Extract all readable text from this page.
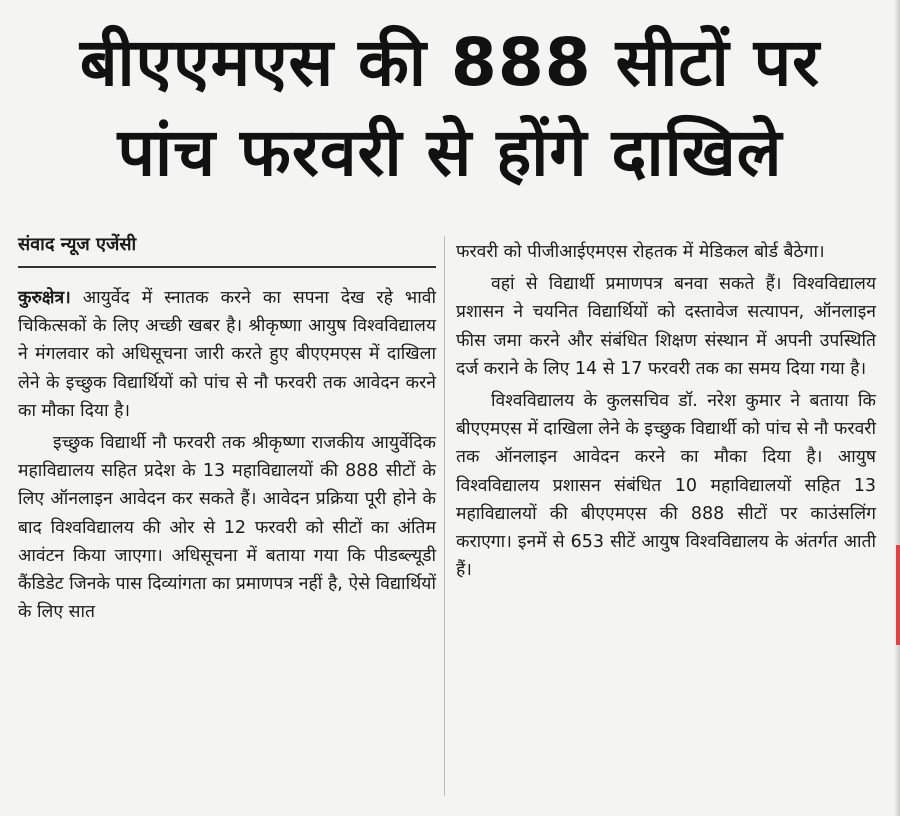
बीएएमएस की 888 सीटों पर
पांच फरवरी से होंगे दाखिले
संवाद न्यूज एजेंसी

कुरुक्षेत्र। आयुर्वेद में स्नातक करने का सपना देख रहे भावी चिकित्सकों के लिए अच्छी खबर है। श्रीकृष्णा आयुष विश्वविद्यालय ने मंगलवार को अधिसूचना जारी करते हुए बीएएमएस में दाखिला लेने के इच्छुक विद्यार्थियों को पांच से नौ फरवरी तक आवेदन करने का मौका दिया है।

इच्छुक विद्यार्थी नौ फरवरी तक श्रीकृष्णा राजकीय आयुर्वेदिक महाविद्यालय सहित प्रदेश के 13 महाविद्यालयों की 888 सीटों के लिए ऑनलाइन आवेदन कर सकते हैं। आवेदन प्रक्रिया पूरी होने के बाद विश्वविद्यालय की ओर से 12 फरवरी को सीटों का अंतिम आवंटन किया जाएगा। अधिसूचना में बताया गया कि पीडब्ल्यूडी कैंडिडेट जिनके पास दिव्यांगता का प्रमाणपत्र नहीं है, ऐसे विद्यार्थियों के लिए सात

फरवरी को पीजीआईएमएस रोहतक में मेडिकल बोर्ड बैठेगा।

वहां से विद्यार्थी प्रमाणपत्र बनवा सकते हैं। विश्वविद्यालय प्रशासन ने चयनित विद्यार्थियों को दस्तावेज सत्यापन, ऑनलाइन फीस जमा करने और संबंधित शिक्षण संस्थान में अपनी उपस्थिति दर्ज कराने के लिए 14 से 17 फरवरी तक का समय दिया गया है।

विश्वविद्यालय के कुलसचिव डॉ. नरेश कुमार ने बताया कि बीएएमएस में दाखिला लेने के इच्छुक विद्यार्थी को पांच से नौ फरवरी तक ऑनलाइन आवेदन करने का मौका दिया है। आयुष विश्वविद्यालय प्रशासन संबंधित 10 महाविद्यालयों सहित 13 महाविद्यालयों की बीएएमएस की 888 सीटों पर काउंसलिंग कराएगा। इनमें से 653 सीटें आयुष विश्वविद्यालय के अंतर्गत आती हैं।
